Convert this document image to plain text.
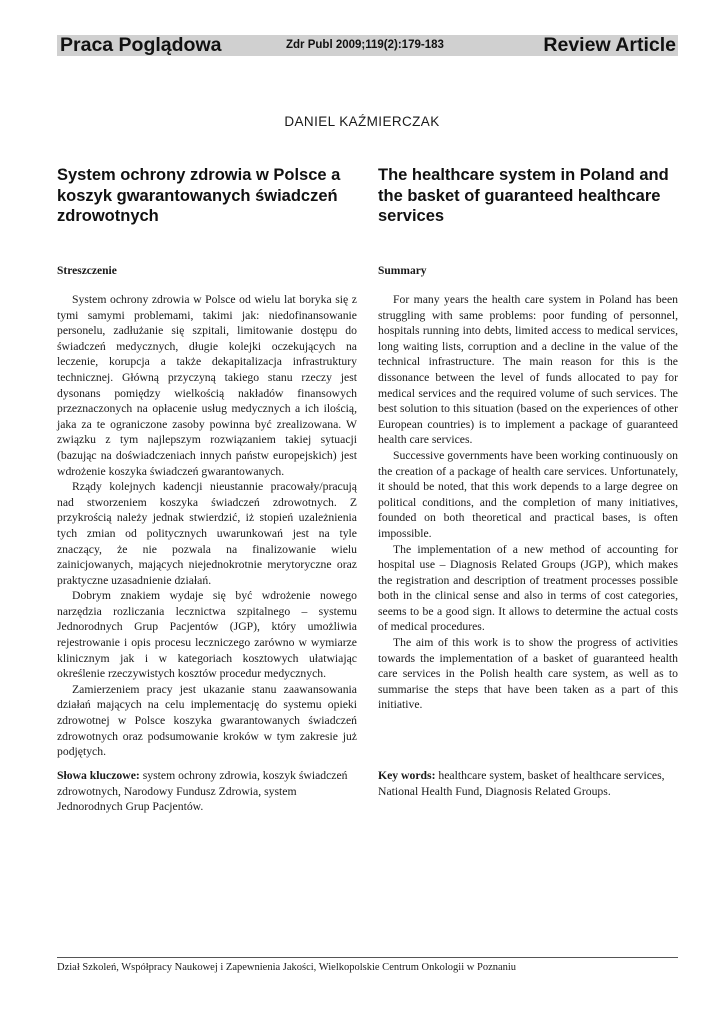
Praca Poglądowa	Zdr Publ 2009;119(2):179-183	Review Article
DANIEL KAŹMIERCZAK
System ochrony zdrowia w Polsce a koszyk gwarantowanych świadczeń zdrowotnych
The healthcare system in Poland and the basket of guaranteed healthcare services
Streszczenie	Summary

System ochrony zdrowia w Polsce od wielu lat boryka się z tymi samymi problemami, takimi jak: niedofinansowanie personelu, zadłużanie się szpitali, limitowanie dostępu do świadczeń medycznych, długie kolejki oczekujących na leczenie, korupcja a także dekapitalizacja infrastruktury technicznej. Główną przyczyną takiego stanu rzeczy jest dysonans pomiędzy wielkością nakładów finansowych przeznaczonych na opłacenie usług medycznych a ich ilością, jaka za te ograniczone zasoby powinna być zrealizowana. W związku z tym najlepszym rozwiązaniem takiej sytuacji (bazując na doświadczeniach innych państw europejskich) jest wdrożenie koszyka świadczeń gwarantowanych.

Rządy kolejnych kadencji nieustannie pracowały/pracują nad stworzeniem koszyka świadczeń zdrowotnych. Z przykrością należy jednak stwierdzić, iż stopień uzależnienia tych zmian od politycznych uwarunkowań jest na tyle znaczący, że nie pozwala na finalizowanie wielu zainicjowanych, mających niejednokrotnie merytoryczne oraz praktyczne uzasadnienie działań.

Dobrym znakiem wydaje się być wdrożenie nowego narzędzia rozliczania lecznictwa szpitalnego – systemu Jednorodnych Grup Pacjentów (JGP), który umożliwia rejestrowanie i opis procesu leczniczego zarówno w wymiarze klinicznym jak i w kategoriach kosztowych ułatwiając określenie rzeczywistych kosztów procedur medycznych.

Zamierzeniem pracy jest ukazanie stanu zaawansowania działań mających na celu implementację do systemu opieki zdrowotnej w Polsce koszyka gwarantowanych świadczeń zdrowotnych oraz podsumowanie kroków w tym zakresie już podjętych.

For many years the health care system in Poland has been struggling with same problems: poor funding of personnel, hospitals running into debts, limited access to medical services, long waiting lists, corruption and a decline in the value of the technical infrastructure. The main reason for this is the dissonance between the level of funds allocated to pay for medical services and the required volume of such services. The best solution to this situation (based on the experiences of other European countries) is to implement a package of guaranteed health care services.

Successive governments have been working continuously on the creation of a package of health care services. Unfortunately, it should be noted, that this work depends to a large degree on political conditions, and the completion of many initiatives, founded on both theoretical and practical bases, is often impossible.

The implementation of a new method of accounting for hospital use – Diagnosis Related Groups (JGP), which makes the registration and description of treatment processes possible both in the clinical sense and also in terms of cost categories, seems to be a good sign. It allows to determine the actual costs of medical procedures.

The aim of this work is to show the progress of activities towards the implementation of a basket of guaranteed health care services in the Polish health care system, as well as to summarise the steps that have been taken as a part of this initiative.

Słowa kluczowe: system ochrony zdrowia, koszyk świadczeń zdrowotnych, Narodowy Fundusz Zdrowia, system Jednorodnych Grup Pacjentów.
Key words: healthcare system, basket of healthcare services, National Health Fund, Diagnosis Related Groups.
Dział Szkoleń, Współpracy Naukowej i Zapewnienia Jakości, Wielkopolskie Centrum Onkologii w Poznaniu
